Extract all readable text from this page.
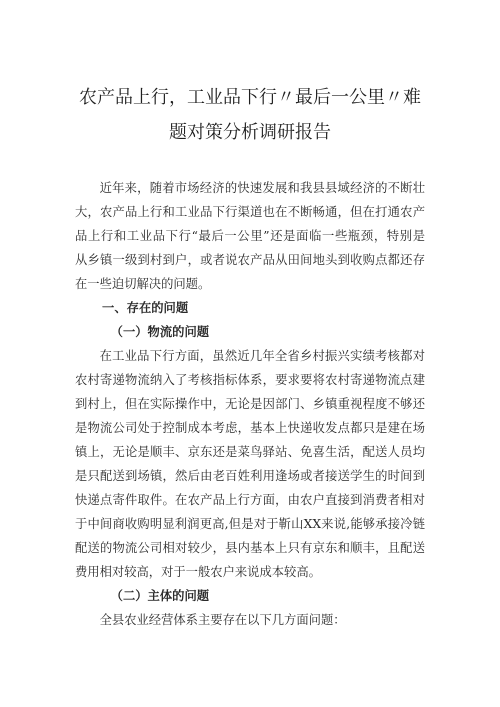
农产品上行，工业品下行〃最后一公里〃难
题对策分析调研报告
近年来，随着市场经济的快速发展和我县县域经济的不断壮
大，农产品上行和工业品下行渠道也在不断畅通，但在打通农产
品上行和工业品下行“最后一公里”还是面临一些瓶颈，特别是
从乡镇一级到村到户，或者说农产品从田间地头到收购点都还存
在一些迫切解决的问题。
一、存在的问题
（一）物流的问题
在工业品下行方面，虽然近几年全省乡村振兴实绩考核都对
农村寄递物流纳入了考核指标体系，要求要将农村寄递物流点建
到村上，但在实际操作中，无论是因部门、乡镇重视程度不够还
是物流公司处于控制成本考虑，基本上快递收发点都只是建在场
镇上，无论是顺丰、京东还是菜鸟驿站、免喜生活，配送人员均
是只配送到场镇，然后由老百姓利用逢场或者接送学生的时间到
快递点寄件取件。在农产品上行方面，由农户直接到消费者相对
于中间商收购明显利润更高,但是对于靳山XX来说,能够承接冷链
配送的物流公司相对较少，县内基本上只有京东和顺丰，且配送
费用相对较高，对于一般农户来说成本较高。
（二）主体的问题
全县农业经营体系主要存在以下几方面问题：
